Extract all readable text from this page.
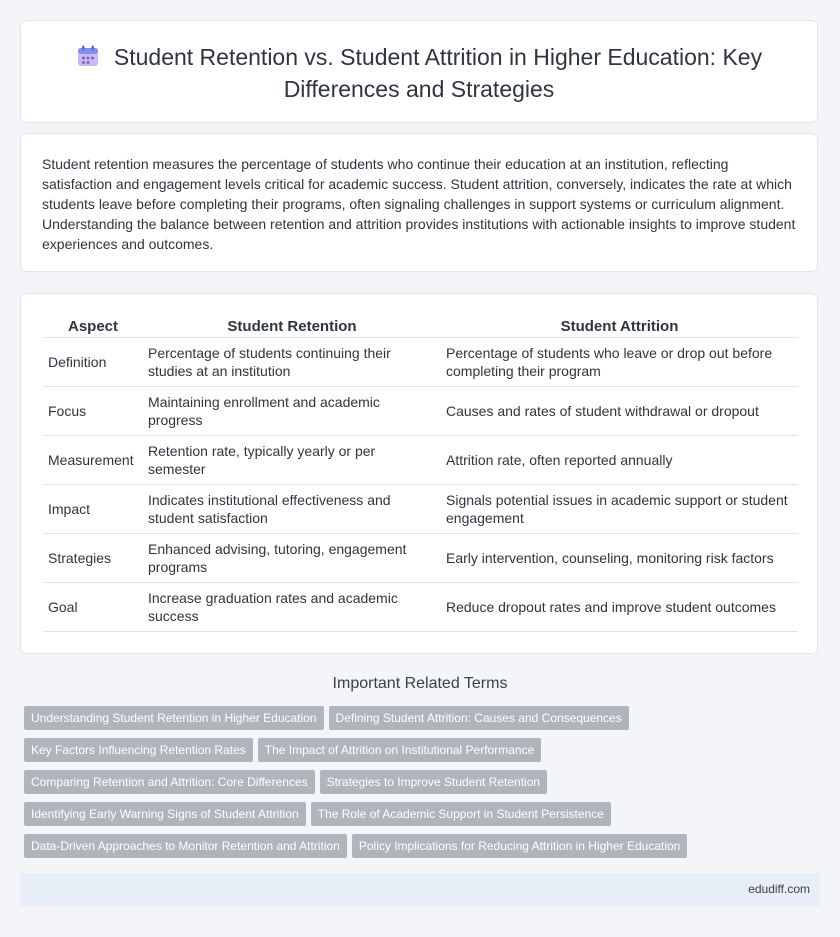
Student Retention vs. Student Attrition in Higher Education: Key
Differences and Strategies

Student retention measures the percentage of students who continue their education at an institution, reflecting satisfaction and engagement levels critical for academic success. Student attrition, conversely, indicates the rate at which students leave before completing their programs, often signaling challenges in support systems or curriculum alignment. Understanding the balance between retention and attrition provides institutions with actionable insights to improve student experiences and outcomes.

Aspect	Student Retention	Student Attrition
Definition	Percentage of students continuing their studies at an institution	Percentage of students who leave or drop out before completing their program
Focus	Maintaining enrollment and academic progress	Causes and rates of student withdrawal or dropout
Measurement	Retention rate, typically yearly or per semester	Attrition rate, often reported annually
Impact	Indicates institutional effectiveness and student satisfaction	Signals potential issues in academic support or student engagement
Strategies	Enhanced advising, tutoring, engagement programs	Early intervention, counseling, monitoring risk factors
Goal	Increase graduation rates and academic success	Reduce dropout rates and improve student outcomes
Important Related Terms
Understanding Student Retention in Higher Education Defining Student Attrition: Causes and Consequences
Key Factors Influencing Retention Rates The Impact of Attrition on Institutional Performance
Comparing Retention and Attrition: Core Differences Strategies to Improve Student Retention
Identifying Early Warning Signs of Student Attrition The Role of Academic Support in Student Persistence
Data-Driven Approaches to Monitor Retention and Attrition Policy Implications for Reducing Attrition in Higher Education
edudiff.com
